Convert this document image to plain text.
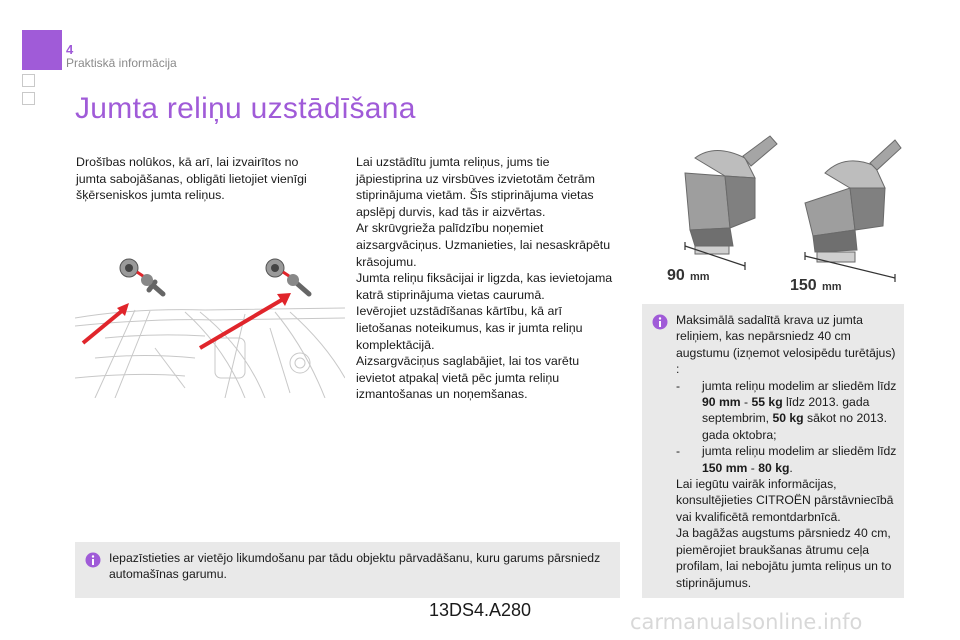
4
Praktiskā informācija
Jumta reliņu uzstādīšana
Drošības nolūkos, kā arī, lai izvairītos no jumta sabojāšanas, obligāti lietojiet vienīgi šķērseniskos jumta reliņus.
Lai uzstādītu jumta reliņus, jums tie jāpiestiprina uz virsbūves izvietotām četrām stiprinājuma vietām. Šīs stiprinājuma vietas apslēpj durvis, kad tās ir aizvērtas.
Ar skrūvgrieža palīdzību noņemiet aizsargvāciņus. Uzmanieties, lai nesaskrāpētu krāsojumu.
Jumta reliņu fiksācijai ir ligzda, kas ievietojama katrā stiprinājuma vietas caurumā.
Ievērojiet uzstādīšanas kārtību, kā arī lietošanas noteikumus, kas ir jumta reliņu komplektācijā.
Aizsargvāciņus saglabājiet, lai tos varētu ievietot atpakaļ vietā pēc jumta reliņu izmantošanas un noņemšanas.
90 mm	150 mm
Maksimālā sadalītā krava uz jumta reliņiem, kas nepārsniedz 40 cm augstumu (izņemot velosipēdu turētājus) :
- jumta reliņu modelim ar sliedēm līdz 90 mm - 55 kg līdz 2013. gada septembrim, 50 kg sākot no 2013. gada oktobra;
- jumta reliņu modelim ar sliedēm līdz 150 mm - 80 kg.
Lai iegūtu vairāk informācijas, konsultējieties CITROËN pārstāvniecībā vai kvalificētā remontdarbnīcā.
Ja bagāžas augstums pārsniedz 40 cm, piemērojiet braukšanas ātrumu ceļa profilam, lai nebojātu jumta reliņus un to stiprinājumus.
Iepazīstieties ar vietējo likumdošanu par tādu objektu pārvadāšanu, kuru garums pārsniedz automašīnas garumu.
13DS4.A280	carmanualsonline.info
